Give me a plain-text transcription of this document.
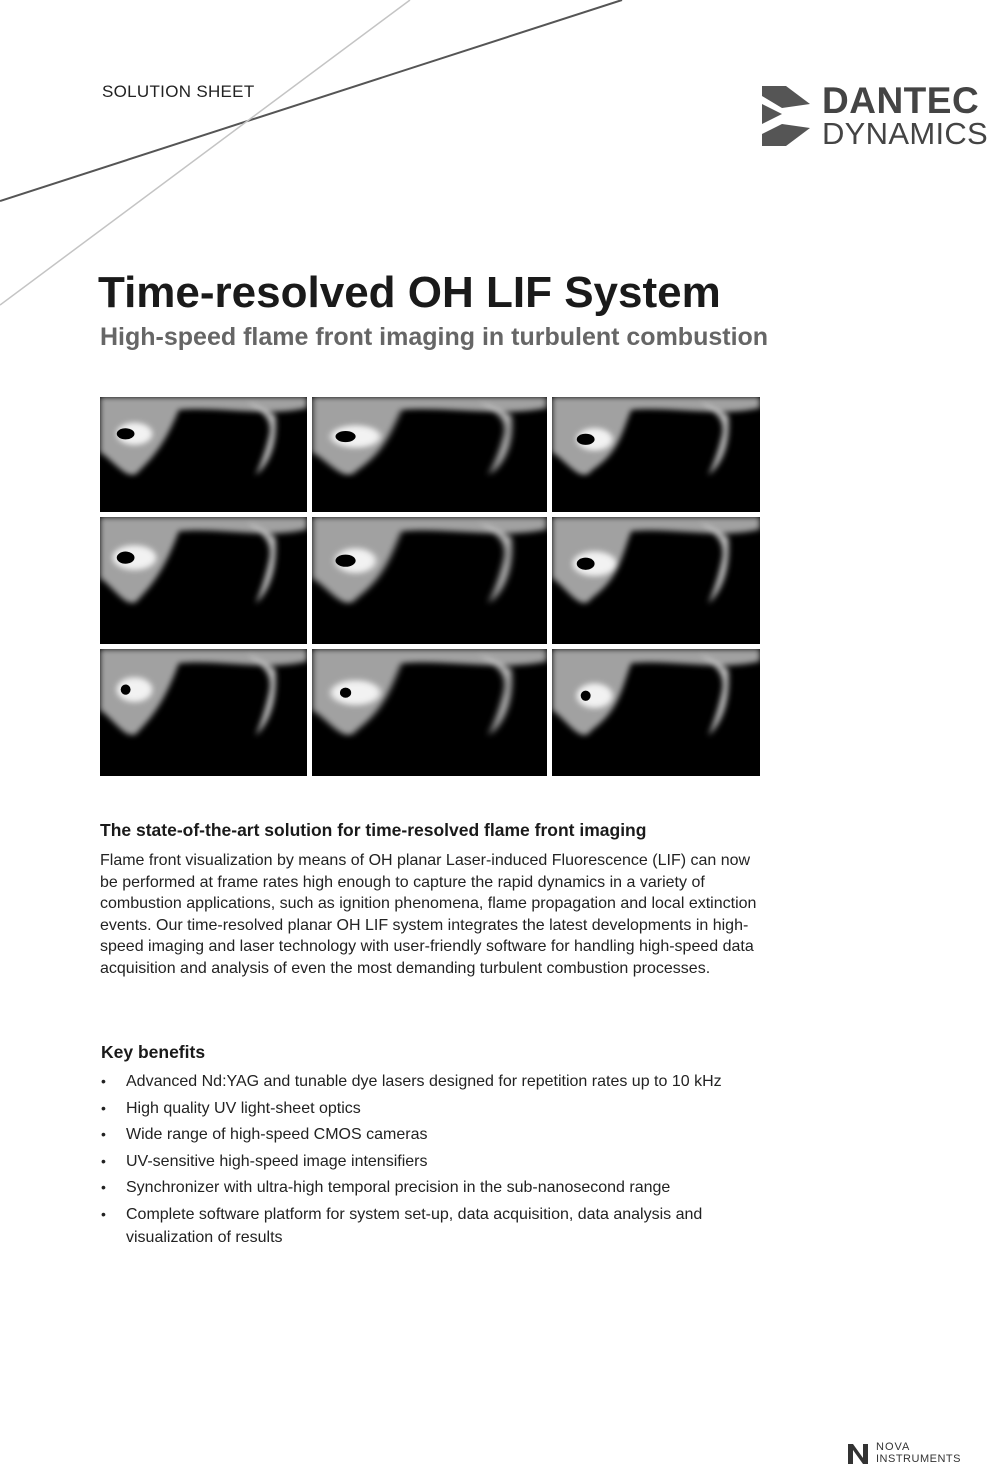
SOLUTION SHEET	DANTEC
DYNAMICS
Time-resolved OH LIF System
High-speed flame front imaging in turbulent combustion
The state-of-the-art solution for time-resolved flame front imaging

Flame front visualization by means of OH planar Laser-induced Fluorescence (LIF) can now be performed at frame rates high enough to capture the rapid dynamics in a variety of combustion applications, such as ignition phenomena, flame propagation and local extinction events. Our time-resolved planar OH LIF system integrates the latest developments in high-speed imaging and laser technology with user-friendly software for handling high-speed data acquisition and analysis of even the most demanding turbulent combustion processes.

Key benefits
• Advanced Nd:YAG and tunable dye lasers designed for repetition rates up to 10 kHz
• High quality UV light-sheet optics
• Wide range of high-speed CMOS cameras
• UV-sensitive high-speed image intensifiers
• Synchronizer with ultra-high temporal precision in the sub-nanosecond range
• Complete software platform for system set-up, data acquisition, data analysis and visualization of results
NOVA
INSTRUMENTS
